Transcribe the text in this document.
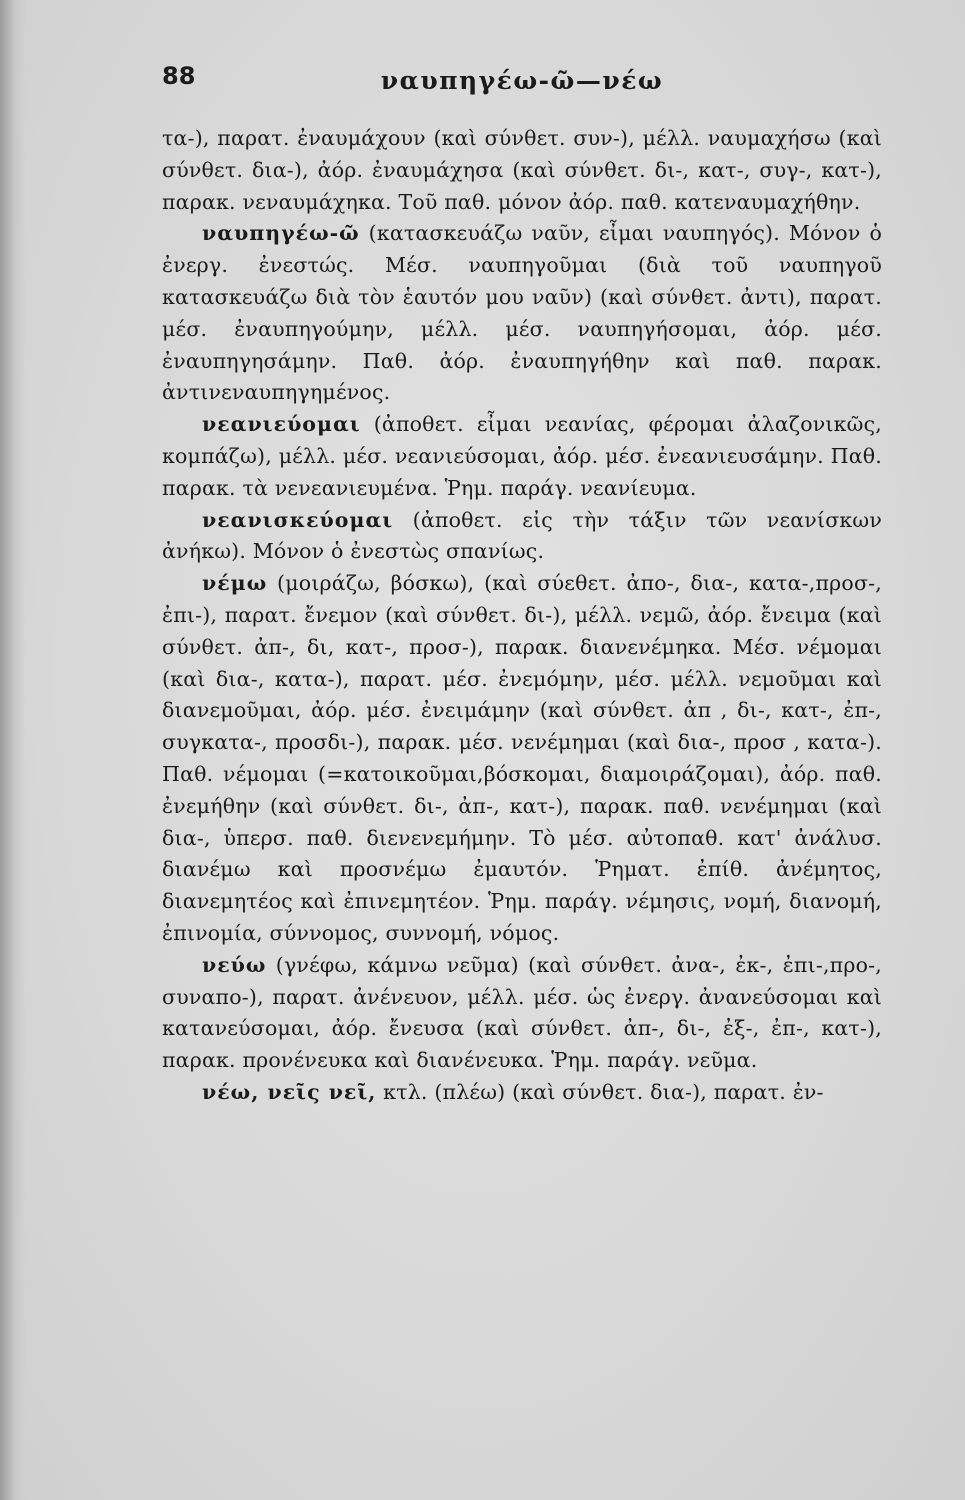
88	ναυπηγέω-ῶ—νέω

τα-), παρατ. ἐναυμάχουν (καὶ σύνθετ. συν-), μέλλ. ναυμαχήσω (καὶ σύνθετ. δια-), ἀόρ. ἐναυμάχησα (καὶ σύνθετ. δι-, κατ-, συγ-, κατ-), παρακ. νεναυμάχηκα. Τοῦ παθ. μόνον ἀόρ. παθ. κατεναυμαχήθην.

ναυπηγέω-ῶ (κατασκευάζω ναῦν, εἶμαι ναυπηγός). Μόνον ὁ ἐνεργ. ἐνεστώς. Μέσ. ναυπηγοῦμαι (διὰ τοῦ ναυπηγοῦ κατασκευάζω διὰ τὸν ἑαυτόν μου ναῦν) (καὶ σύνθετ. ἀντι), παρατ. μέσ. ἐναυπηγούμην, μέλλ. μέσ. ναυπηγήσομαι, ἀόρ. μέσ. ἐναυπηγησάμην. Παθ. ἀόρ. ἐναυπηγήθην καὶ παθ. παρακ. ἀντινεναυπηγημένος.

νεανιεύομαι (ἀποθετ. εἶμαι νεανίας, φέρομαι ἀλαζονικῶς, κομπάζω), μέλλ. μέσ. νεανιεύσομαι, ἀόρ. μέσ. ἐνεανιευσάμην. Παθ. παρακ. τὰ νενεανιευμένα. Ῥημ. παράγ. νεανίευμα.

νεανισκεύομαι (ἀποθετ. εἰς τὴν τάξιν τῶν νεανίσκων ἀνήκω). Μόνον ὁ ἐνεστὼς σπανίως.

νέμω (μοιράζω, βόσκω), (καὶ σύεθετ. ἀπο-, δια-, κατα-,προσ-, ἐπι-), παρατ. ἔνεμον (καὶ σύνθετ. δι-), μέλλ. νεμῶ, ἀόρ. ἔνειμα (καὶ σύνθετ. ἀπ-, δι, κατ-, προσ-), παρακ. διανενέμηκα. Μέσ. νέμομαι (καὶ δια-, κατα-), παρατ. μέσ. ἐνεμόμην, μέσ. μέλλ. νεμοῦμαι καὶ διανεμοῦμαι, ἀόρ. μέσ. ἐνειμάμην (καὶ σύνθετ. ἀπ , δι-, κατ-, ἐπ-, συγκατα-, προσδι-), παρακ. μέσ. νενέμημαι (καὶ δια-, προσ , κατα-). Παθ. νέμομαι (=κατοικοῦμαι,βόσκομαι, διαμοιράζομαι), ἀόρ. παθ. ἐνεμήθην (καὶ σύνθετ. δι-, ἀπ-, κατ-), παρακ. παθ. νενέμημαι (καὶ δια-, ὑπερσ. παθ. διενενεμήμην. Τὸ μέσ. αὐτοπαθ. κατ' ἀνάλυσ. διανέμω καὶ προσνέμω ἐμαυτόν. Ῥηματ. ἐπίθ. ἀνέμητος, διανεμητέος καὶ ἐπινεμητέον. Ῥημ. παράγ. νέμησις, νομή, διανομή, ἐπινομία, σύννομος, συννομή, νόμος.

νεύω (γνέφω, κάμνω νεῦμα) (καὶ σύνθετ. ἀνα-, ἐκ-, ἐπι-,προ-, συναπο-), παρατ. ἀνένευον, μέλλ. μέσ. ὡς ἐνεργ. ἀνανεύσομαι καὶ κατανεύσομαι, ἀόρ. ἔνευσα (καὶ σύνθετ. ἀπ-, δι-, ἐξ-, ἐπ-, κατ-), παρακ. προνένευκα καὶ διανένευκα. Ῥημ. παράγ. νεῦμα.

νέω, νεῖς νεῖ, κτλ. (πλέω) (καὶ σύνθετ. δια-), παρατ. ἐν-
